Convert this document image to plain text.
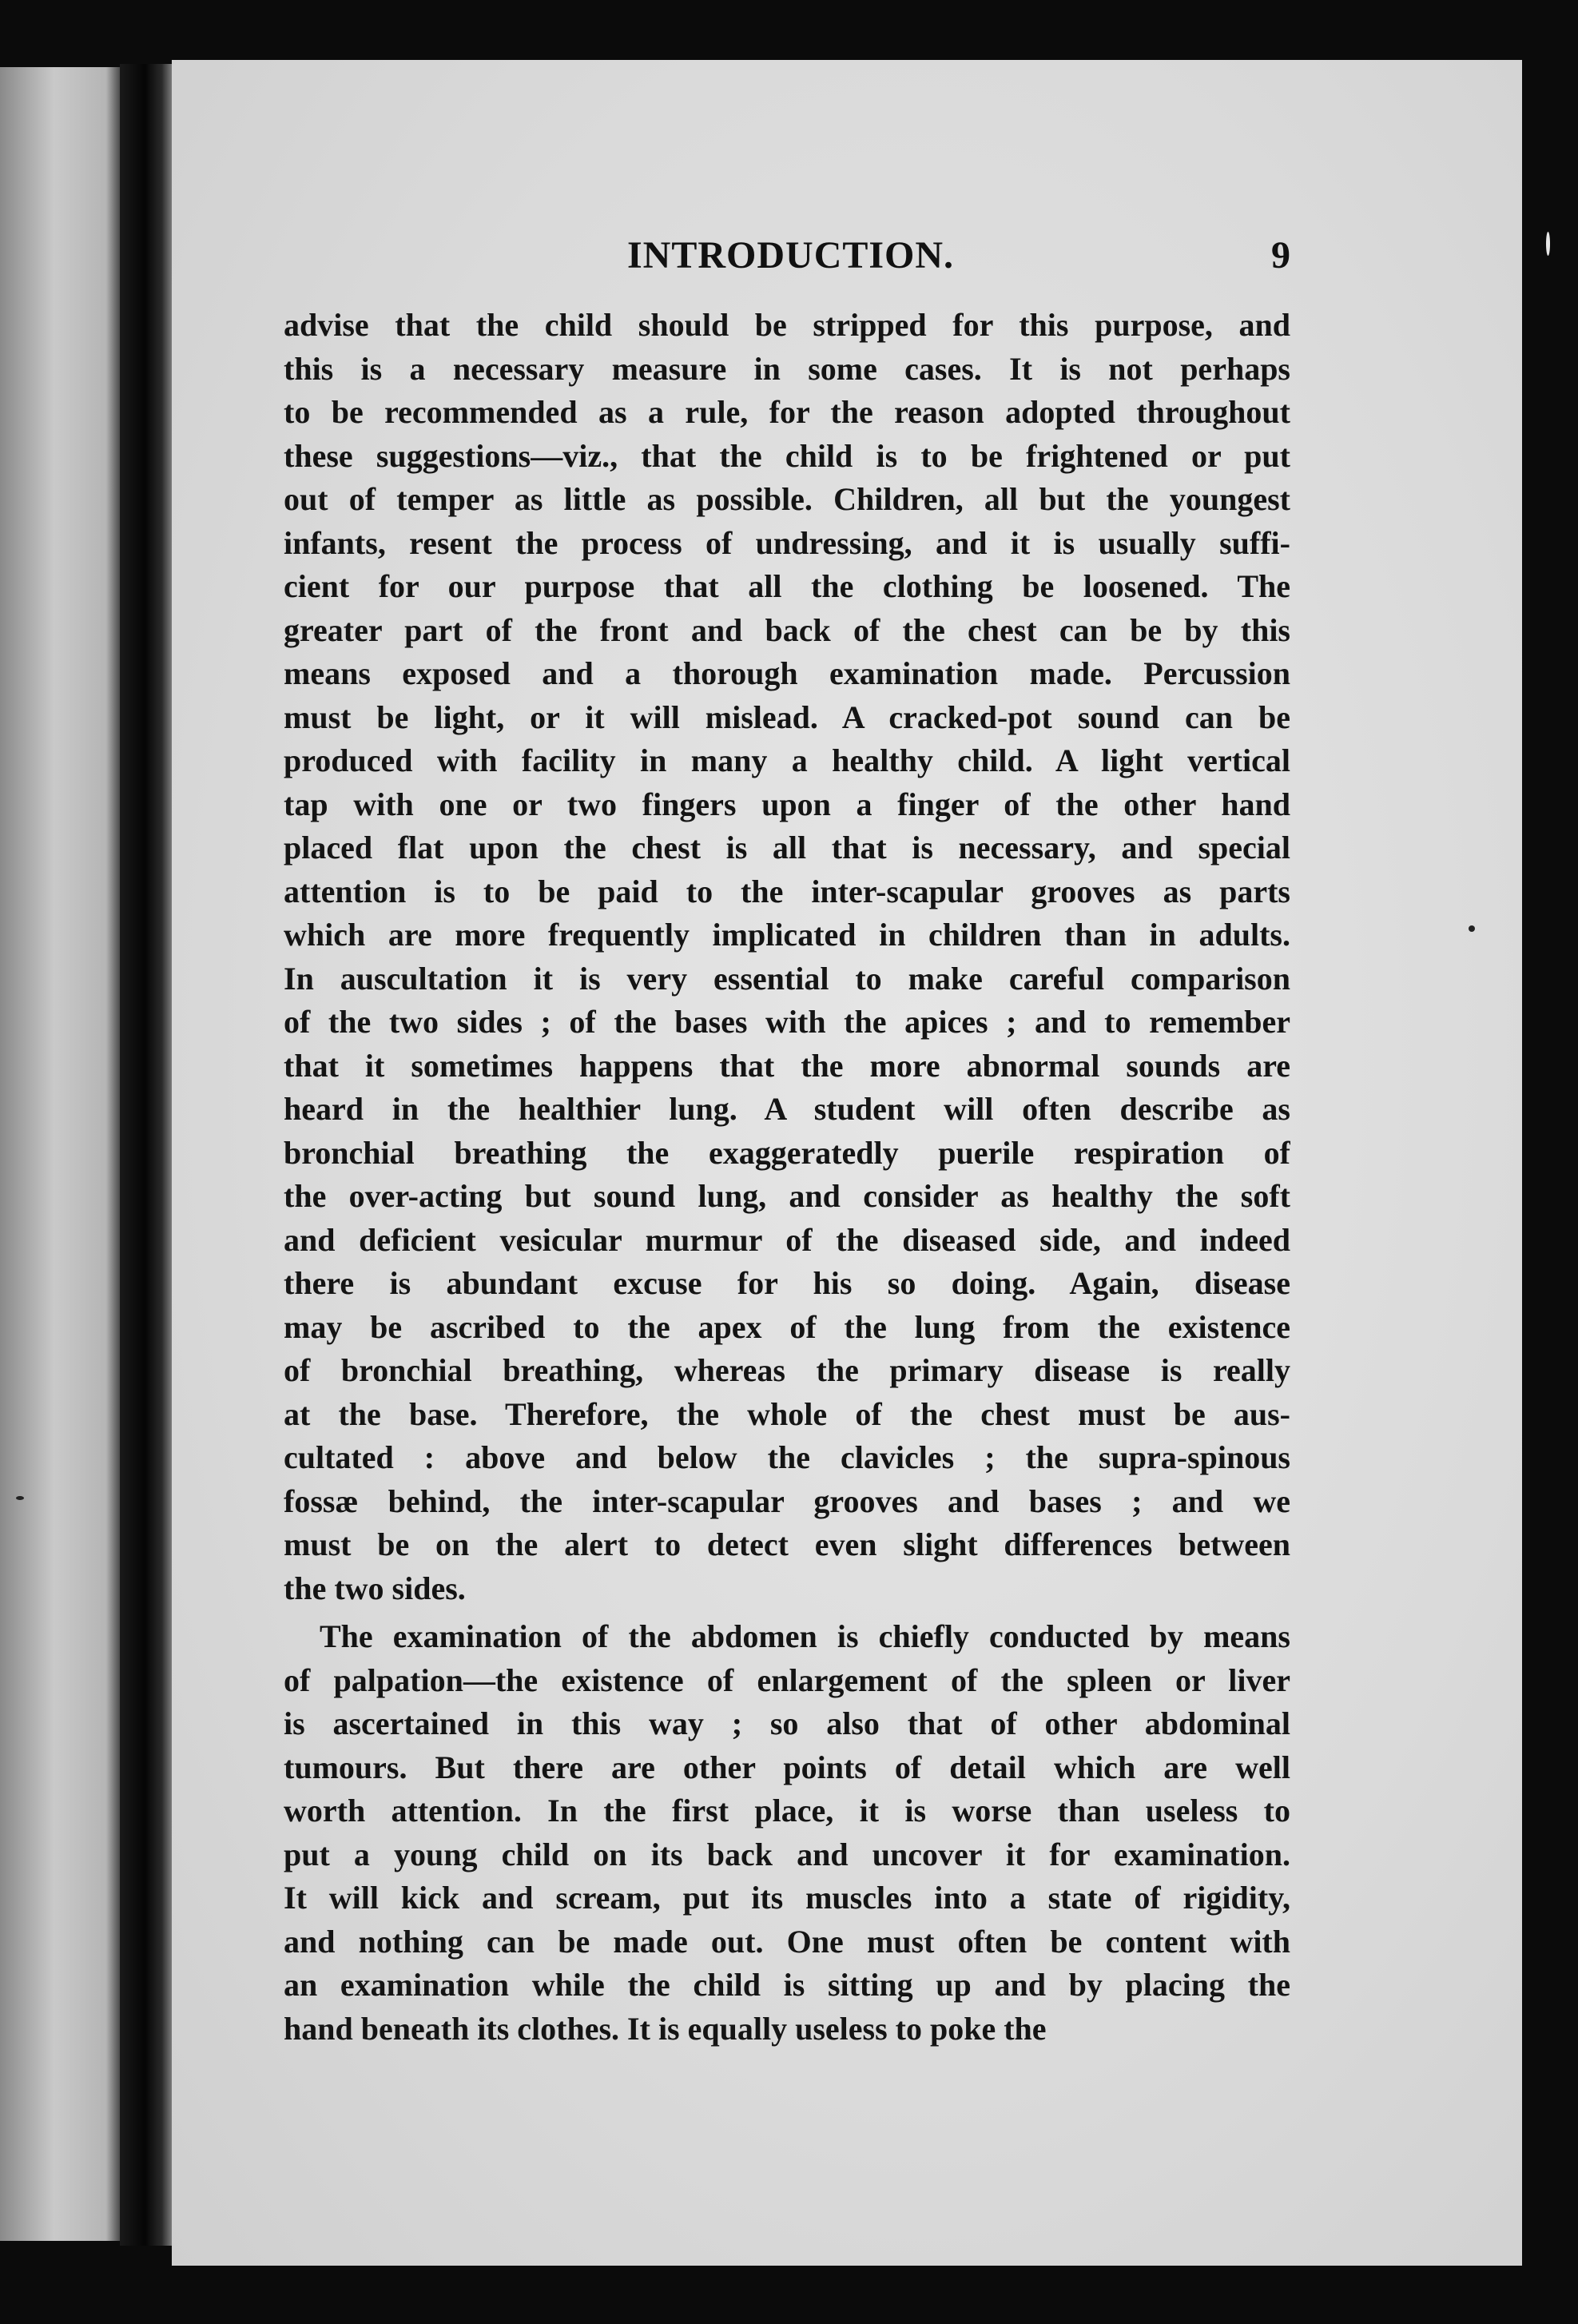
INTRODUCTION.	9
advise that the child should be stripped for this purpose, and
this is a necessary measure in some cases. It is not perhaps
to be recommended as a rule, for the reason adopted throughout
these suggestions—viz., that the child is to be frightened or put
out of temper as little as possible. Children, all but the youngest
infants, resent the process of undressing, and it is usually suffi-
cient for our purpose that all the clothing be loosened. The
greater part of the front and back of the chest can be by this
means exposed and a thorough examination made. Percussion
must be light, or it will mislead. A cracked-pot sound can be
produced with facility in many a healthy child. A light vertical
tap with one or two fingers upon a finger of the other hand
placed flat upon the chest is all that is necessary, and special
attention is to be paid to the inter-scapular grooves as parts
which are more frequently implicated in children than in adults.
In auscultation it is very essential to make careful comparison
of the two sides ; of the bases with the apices ; and to remember
that it sometimes happens that the more abnormal sounds are
heard in the healthier lung. A student will often describe as
bronchial breathing the exaggeratedly puerile respiration of
the over-acting but sound lung, and consider as healthy the soft
and deficient vesicular murmur of the diseased side, and indeed
there is abundant excuse for his so doing. Again, disease
may be ascribed to the apex of the lung from the existence
of bronchial breathing, whereas the primary disease is really
at the base. Therefore, the whole of the chest must be aus-
cultated : above and below the clavicles ; the supra-spinous
fossæ behind, the inter-scapular grooves and bases ; and we
must be on the alert to detect even slight differences between
the two sides.
The examination of the abdomen is chiefly conducted by means
of palpation—the existence of enlargement of the spleen or liver
is ascertained in this way ; so also that of other abdominal
tumours. But there are other points of detail which are well
worth attention. In the first place, it is worse than useless to
put a young child on its back and uncover it for examination.
It will kick and scream, put its muscles into a state of rigidity,
and nothing can be made out. One must often be content with
an examination while the child is sitting up and by placing the
hand beneath its clothes. It is equally useless to poke the
